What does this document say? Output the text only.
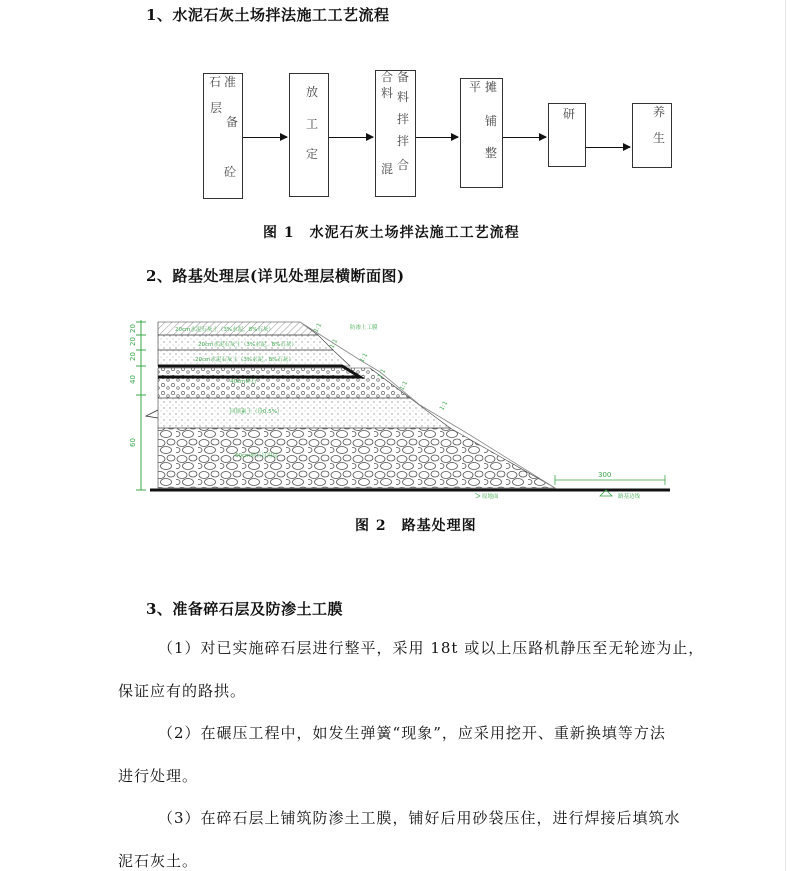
1、水泥石灰土场拌法施工工艺流程
石 准
层
备
砼
放
工
定
合 备
料 料
拌
拌
合
混
平 摊
铺
整
研	养
生
图 1　水泥石灰土场拌法施工工艺流程
2、路基处理层(详见处理层横断面图)
20
20
20
40
60
20cm水泥石灰土（3%水泥，8%石灰）
20cm水泥石灰土（3%水泥，8%石灰）
20cm水泥石灰土（3%水泥，8%石灰）
40cm碎石
回填素土（设0.5%）
60cm碎石盲沟层
防渗土工膜
1:1
1:1
1:1
1:1
1:1
1:1
300
原地面	路基边线
图 2　路基处理图
3、准备碎石层及防渗土工膜
（1）对已实施碎石层进行整平，采用 18t 或以上压路机静压至无轮迹为止，
保证应有的路拱。
（2）在碾压工程中，如发生弹簧“现象”，应采用挖开、重新换填等方法
进行处理。
（3）在碎石层上铺筑防渗土工膜，铺好后用砂袋压住，进行焊接后填筑水
泥石灰土。
